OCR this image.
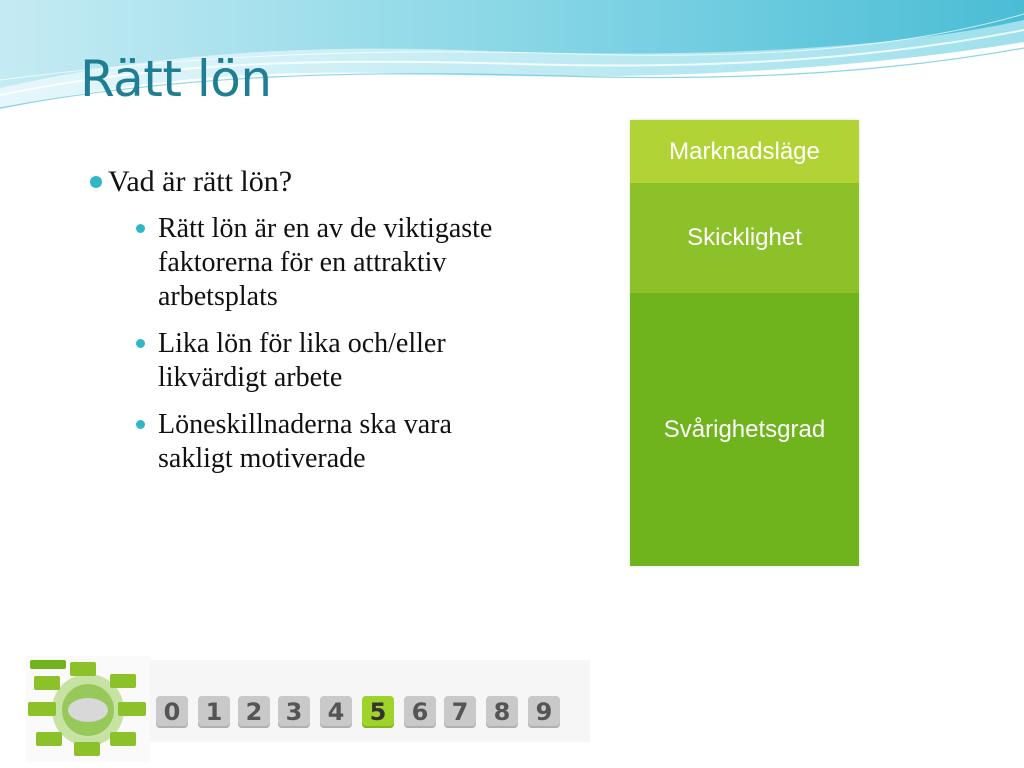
Rätt lön
Vad är rätt lön?
Rätt lön är en av de viktigaste faktorerna för en attraktiv arbetsplats
Lika lön för lika och/eller likvärdigt arbete
Löneskillnaderna ska vara sakligt motiverade
Marknadsläge
Skicklighet
Svårighetsgrad
0	1 2 3	4	5	6 7	8	9
